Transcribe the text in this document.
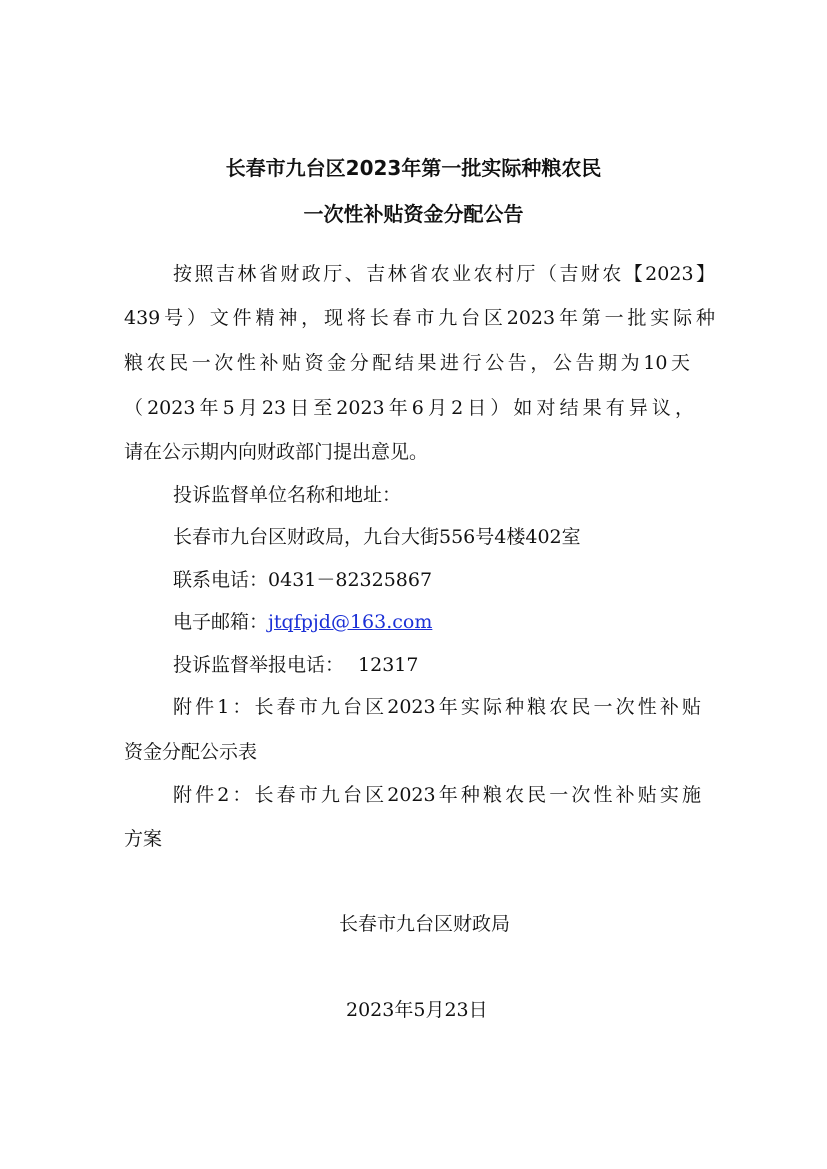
长春市九台区2023年第一批实际种粮农民
一次性补贴资金分配公告
按照吉林省财政厅、吉林省农业农村厅（吉财农【2023】
439号）文件精神，现将长春市九台区2023年第一批实际种
粮农民一次性补贴资金分配结果进行公告，公告期为10天
（2023年5月23日至2023年6月2日）如对结果有异议，
请在公示期内向财政部门提出意见。
投诉监督单位名称和地址：
长春市九台区财政局，九台大街556号4楼402室
联系电话：0431－82325867
电子邮箱：jtqfpjd@163.com
投诉监督举报电话： 12317
附件1：长春市九台区2023年实际种粮农民一次性补贴
资金分配公示表
附件2：长春市九台区2023年种粮农民一次性补贴实施
方案
长春市九台区财政局
2023年5月23日
